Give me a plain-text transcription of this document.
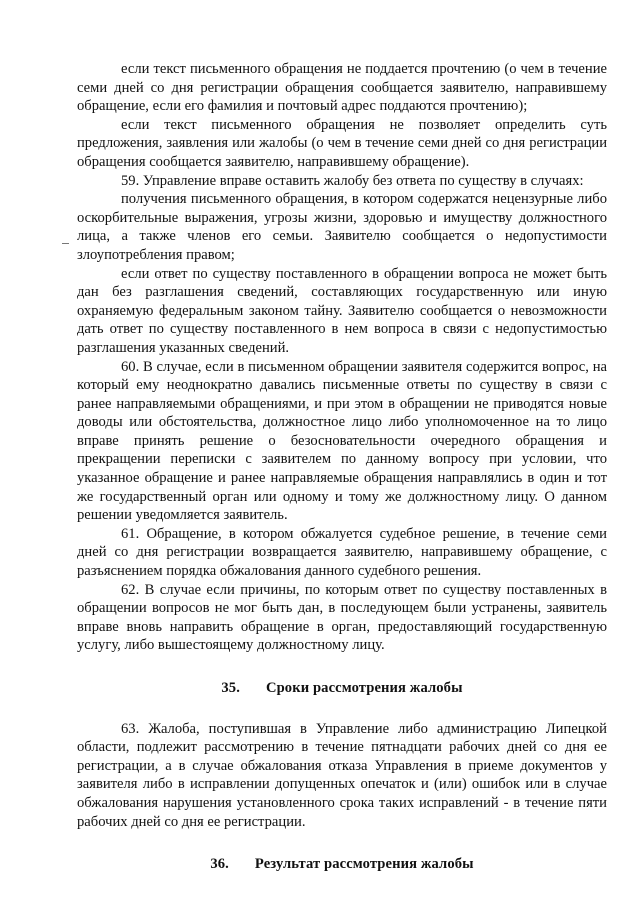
если текст письменного обращения не поддается прочтению (о чем в течение семи дней со дня регистрации обращения сообщается заявителю, направившему обращение, если его фамилия и почтовый адрес поддаются прочтению);

если текст письменного обращения не позволяет определить суть предложения, заявления или жалобы (о чем в течение семи дней со дня регистрации обращения сообщается заявителю, направившему обращение).

59. Управление вправе оставить жалобу без ответа по существу в случаях:

получения письменного обращения, в котором содержатся нецензурные либо оскорбительные выражения, угрозы жизни, здоровью и имуществу должностного лица, а также членов его семьи. Заявителю сообщается о недопустимости злоупотребления правом;

если ответ по существу поставленного в обращении вопроса не может быть дан без разглашения сведений, составляющих государственную или иную охраняемую федеральным законом тайну. Заявителю сообщается о невозможности дать ответ по существу поставленного в нем вопроса в связи с недопустимостью разглашения указанных сведений.

60. В случае, если в письменном обращении заявителя содержится вопрос, на который ему неоднократно давались письменные ответы по существу в связи с ранее направляемыми обращениями, и при этом в обращении не приводятся новые доводы или обстоятельства, должностное лицо либо уполномоченное на то лицо вправе принять решение о безосновательности очередного обращения и прекращении переписки с заявителем по данному вопросу при условии, что указанное обращение и ранее направляемые обращения направлялись в один и тот же государственный орган или одному и тому же должностному лицу. О данном решении уведомляется заявитель.

61. Обращение, в котором обжалуется судебное решение, в течение семи дней со дня регистрации возвращается заявителю, направившему обращение, с разъяснением порядка обжалования данного судебного решения.

62. В случае если причины, по которым ответ по существу поставленных в обращении вопросов не мог быть дан, в последующем были устранены, заявитель вправе вновь направить обращение в орган, предоставляющий государственную услугу, либо вышестоящему должностному лицу.

35. Сроки рассмотрения жалобы

63. Жалоба, поступившая в Управление либо администрацию Липецкой области, подлежит рассмотрению в течение пятнадцати рабочих дней со дня ее регистрации, а в случае обжалования отказа Управления в приеме документов у заявителя либо в исправлении допущенных опечаток и (или) ошибок или в случае обжалования нарушения установленного срока таких исправлений - в течение пяти рабочих дней со дня ее регистрации.

36. Результат рассмотрения жалобы
